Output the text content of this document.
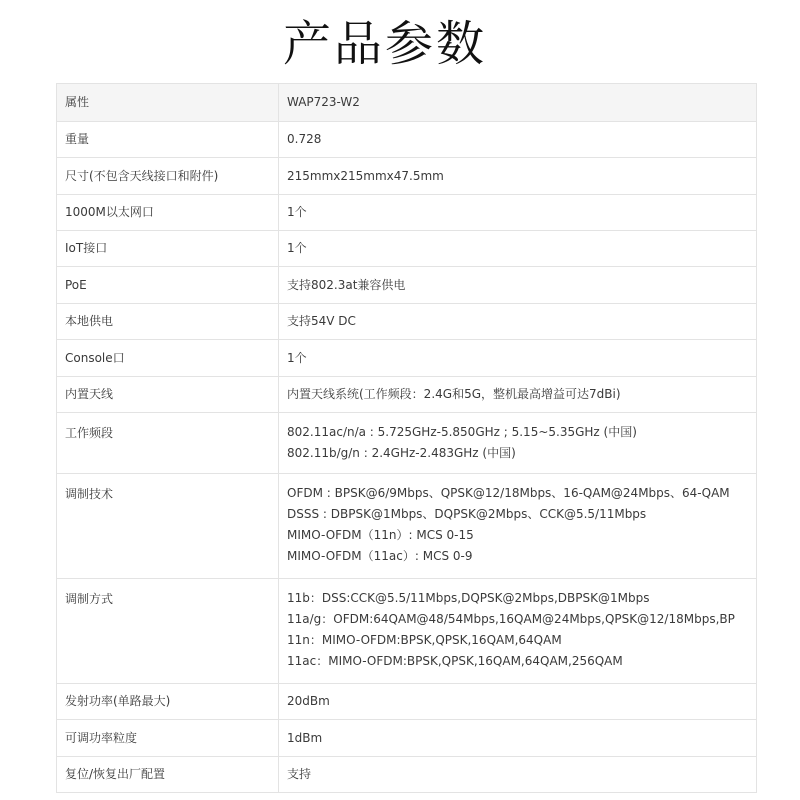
产品参数
属性	WAP723-W2

重量	0.728

尺寸(不包含天线接口和附件)	215mmx215mmx47.5mm

1000M以太网口	1个

IoT接口	1个

PoE	支持802.3at兼容供电

本地供电	支持54V DC

Console口	1个

内置天线	内置天线系统(工作频段：2.4G和5G，整机最高增益可达7dBi)

工作频段	802.11ac/n/a : 5.725GHz-5.850GHz ; 5.15~5.35GHz (中国)
802.11b/g/n : 2.4GHz-2.483GHz (中国)

调制技术	OFDM : BPSK@6/9Mbps、QPSK@12/18Mbps、16-QAM@24Mbps、64-QAM
DSSS : DBPSK@1Mbps、DQPSK@2Mbps、CCK@5.5/11Mbps
MIMO-OFDM（11n）: MCS 0-15
MIMO-OFDM（11ac）: MCS 0-9

调制方式	11b：DSS:CCK@5.5/11Mbps,DQPSK@2Mbps,DBPSK@1Mbps
11a/g：OFDM:64QAM@48/54Mbps,16QAM@24Mbps,QPSK@12/18Mbps,BP
11n：MIMO-OFDM:BPSK,QPSK,16QAM,64QAM
11ac：MIMO-OFDM:BPSK,QPSK,16QAM,64QAM,256QAM

发射功率(单路最大)	20dBm

可调功率粒度	1dBm

复位/恢复出厂配置	支持
